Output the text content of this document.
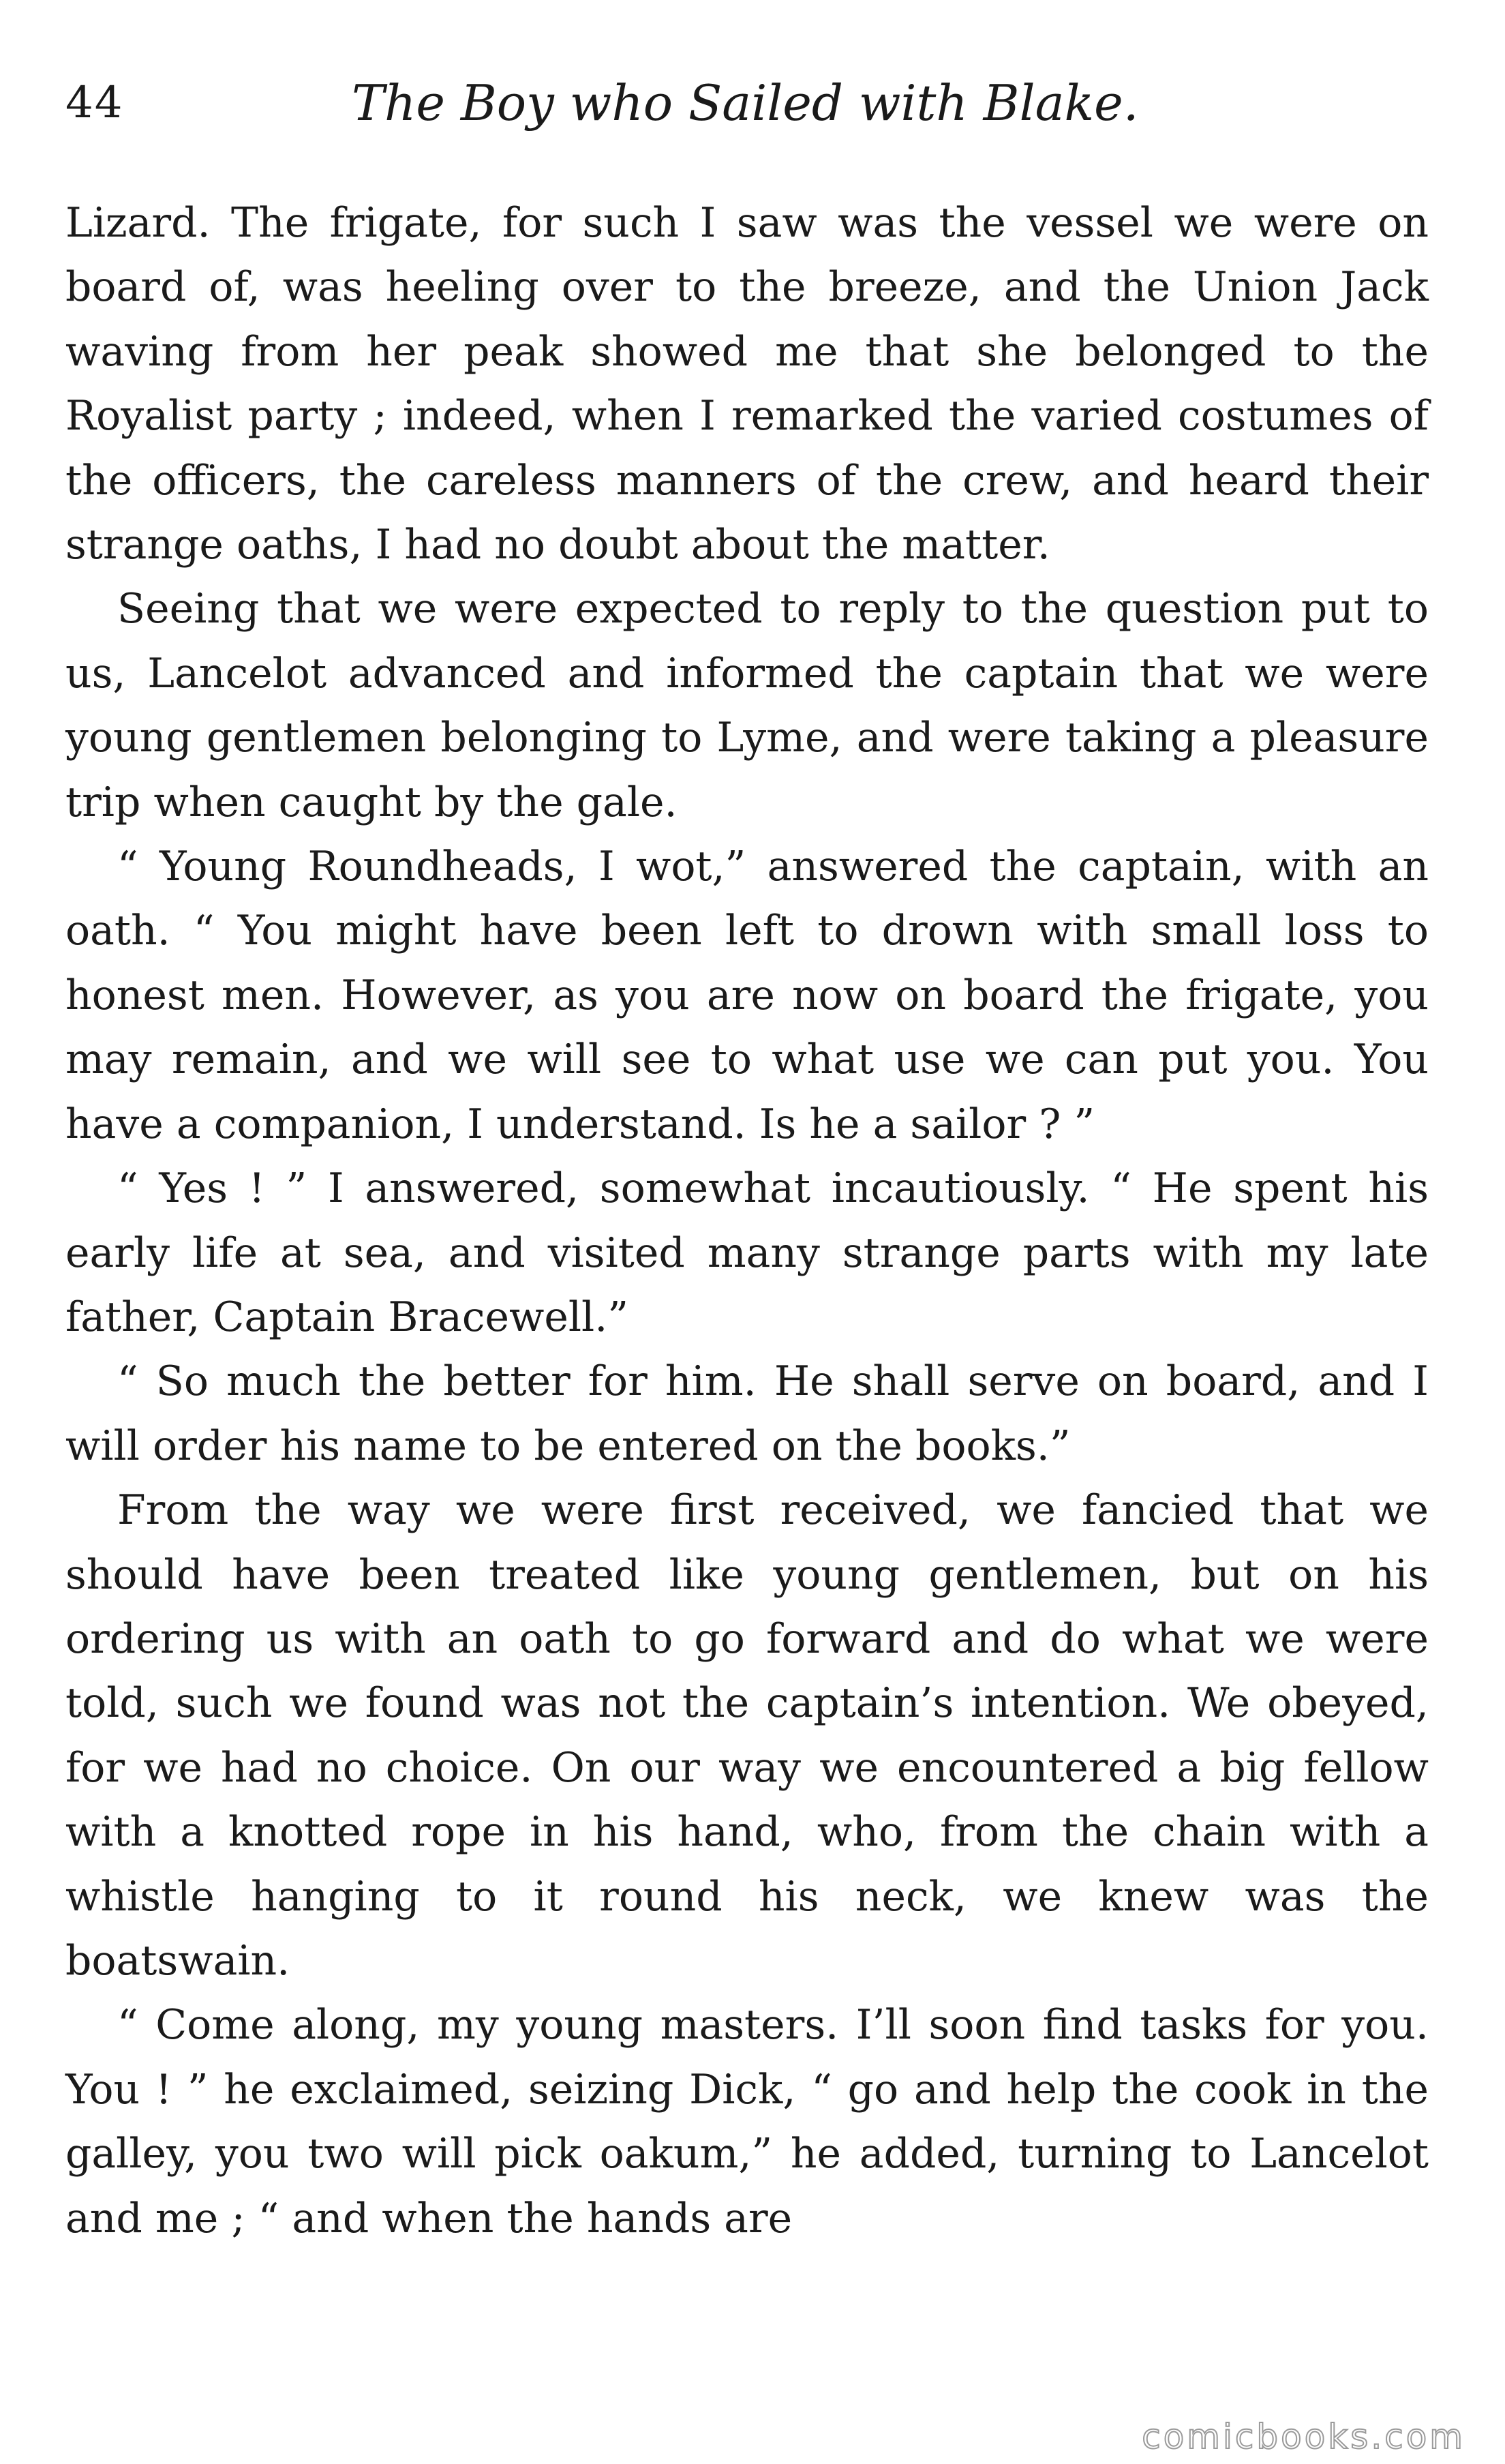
44	The Boy who Sailed with Blake.

Lizard. The frigate, for such I saw was the vessel we were on board of, was heeling over to the breeze, and the Union Jack waving from her peak showed me that she belonged to the Royalist party ; indeed, when I remarked the varied costumes of the officers, the careless manners of the crew, and heard their strange oaths, I had no doubt about the matter.

Seeing that we were expected to reply to the question put to us, Lancelot advanced and informed the captain that we were young gentlemen belonging to Lyme, and were taking a pleasure trip when caught by the gale.

“ Young Roundheads, I wot,” answered the captain, with an oath. “ You might have been left to drown with small loss to honest men. However, as you are now on board the frigate, you may remain, and we will see to what use we can put you. You have a companion, I understand. Is he a sailor ? ”

“ Yes ! ” I answered, somewhat incautiously. “ He spent his early life at sea, and visited many strange parts with my late father, Captain Bracewell.”

“ So much the better for him. He shall serve on board, and I will order his name to be entered on the books.”

From the way we were first received, we fancied that we should have been treated like young gentlemen, but on his ordering us with an oath to go forward and do what we were told, such we found was not the captain’s intention. We obeyed, for we had no choice. On our way we encountered a big fellow with a knotted rope in his hand, who, from the chain with a whistle hanging to it round his neck, we knew was the boatswain.

“ Come along, my young masters. I’ll soon find tasks for you. You ! ” he exclaimed, seizing Dick, “ go and help the cook in the galley, you two will pick oakum,” he added, turning to Lancelot and me ; “ and when the hands are

comicbooks.com
